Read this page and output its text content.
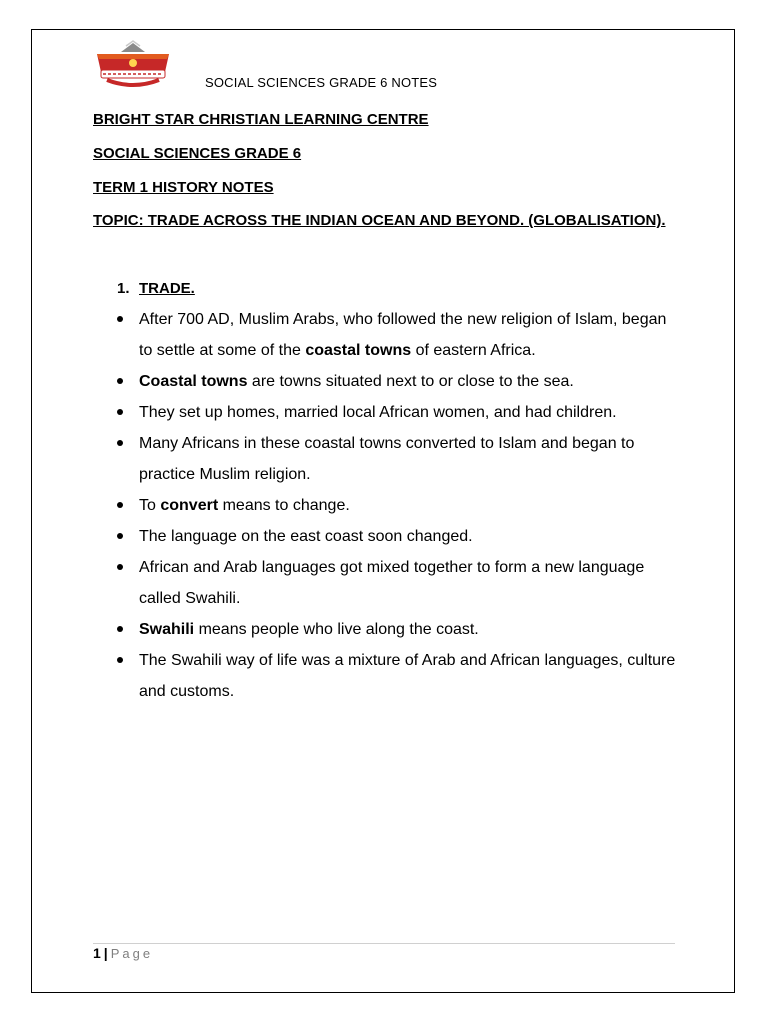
SOCIAL SCIENCES GRADE 6 NOTES
BRIGHT STAR CHRISTIAN LEARNING CENTRE
SOCIAL SCIENCES GRADE 6
TERM 1 HISTORY NOTES
TOPIC: TRADE ACROSS THE INDIAN OCEAN AND BEYOND. (GLOBALISATION).
1. TRADE.
After 700 AD, Muslim Arabs, who followed the new religion of Islam, began to settle at some of the coastal towns of eastern Africa.
Coastal towns are towns situated next to or close to the sea.
They set up homes, married local African women, and had children.
Many Africans in these coastal towns converted to Islam and began to practice Muslim religion.
To convert means to change.
The language on the east coast soon changed.
African and Arab languages got mixed together to form a new language called Swahili.
Swahili means people who live along the coast.
The Swahili way of life was a mixture of Arab and African languages, culture and customs.
1 | Page
